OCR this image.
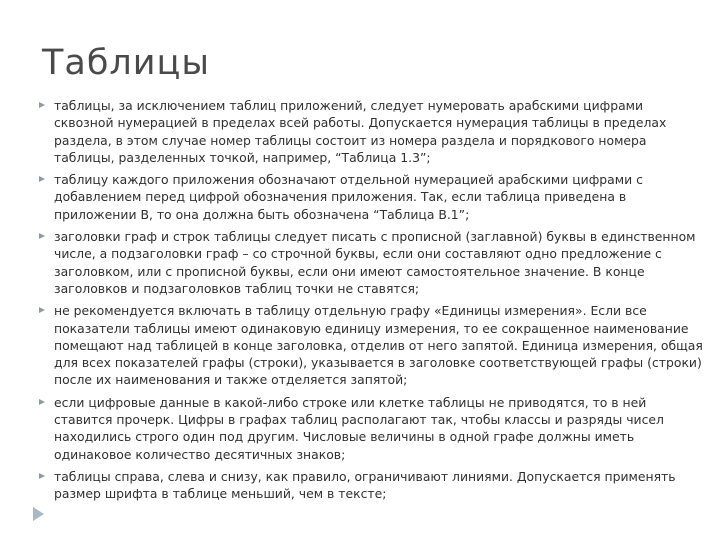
Таблицы
таблицы, за исключением таблиц приложений, следует нумеровать арабскими цифрами сквозной нумерацией в пределах всей работы. Допускается нумерация таблицы в пределах раздела, в этом случае номер таблицы состоит из номера раздела и порядкового номера таблицы, разделенных точкой, например, “Таблица 1.3”;
таблицу каждого приложения обозначают отдельной нумерацией арабскими цифрами с добавлением перед цифрой обозначения приложения. Так, если таблица приведена в приложении В, то она должна быть обозначена “Таблица В.1”;
заголовки граф и строк таблицы следует писать с прописной (заглавной) буквы в единственном числе, а подзаголовки граф – со строчной буквы, если они составляют одно предложение с заголовком, или с прописной буквы, если они имеют самостоятельное значение. В конце заголовков и подзаголовков таблиц точки не ставятся;
не рекомендуется включать в таблицу отдельную графу «Единицы измерения». Если все показатели таблицы имеют одинаковую единицу измерения, то ее сокращенное наименование помещают над таблицей в конце заголовка, отделив от него запятой. Единица измерения, общая для всех показателей графы (строки), указывается в заголовке соответствующей графы (строки) после их наименования и также отделяется запятой;
если цифровые данные в какой-либо строке или клетке таблицы не приводятся, то в ней ставится прочерк. Цифры в графах таблиц располагают так, чтобы классы и разряды чисел находились строго один под другим. Числовые величины в одной графе должны иметь одинаковое количество десятичных знаков;
таблицы справа, слева и снизу, как правило, ограничивают линиями. Допускается применять размер шрифта в таблице меньший, чем в тексте;
